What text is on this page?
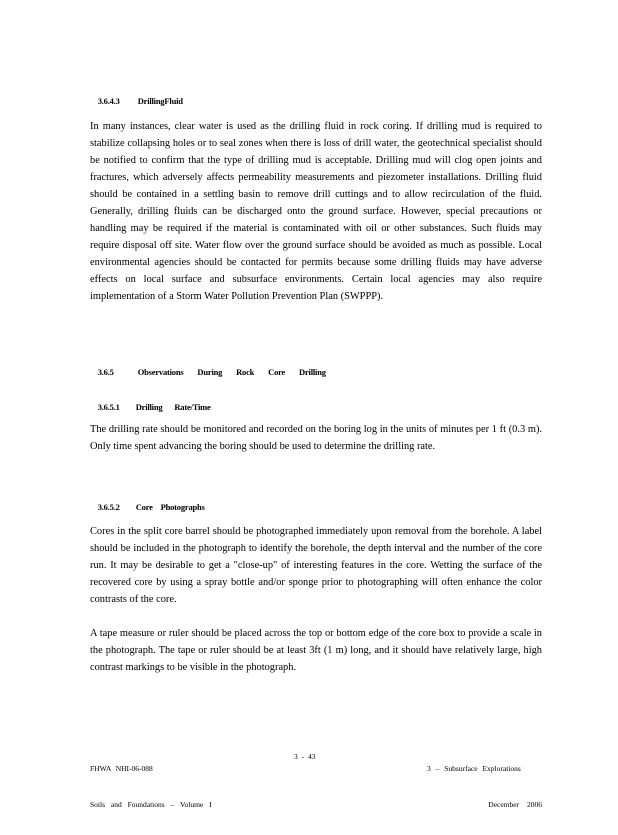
3.6.4.3 DrillingFluid

In many instances, clear water is used as the drilling fluid in rock coring. If drilling mud is required to stabilize collapsing holes or to seal zones when there is loss of drill water, the geotechnical specialist should be notified to confirm that the type of drilling mud is acceptable. Drilling mud will clog open joints and fractures, which adversely affects permeability measurements and piezometer installations. Drilling fluid should be contained in a settling basin to remove drill cuttings and to allow recirculation of the fluid. Generally, drilling fluids can be discharged onto the ground surface. However, special precautions or handling may be required if the material is contaminated with oil or other substances. Such fluids may require disposal off site. Water flow over the ground surface should be avoided as much as possible. Local environmental agencies should be contacted for permits because some drilling fluids may have adverse effects on local surface and subsurface environments. Certain local agencies may also require implementation of a Storm Water Pollution Prevention Plan (SWPPP).

3.6.5	Observations During Rock Core Drilling

3.6.5.1 Drilling Rate/Time

The drilling rate should be monitored and recorded on the boring log in the units of minutes per 1 ft (0.3 m). Only time spent advancing the boring should be used to determine the drilling rate.

3.6.5.2 Core Photographs

Cores in the split core barrel should be photographed immediately upon removal from the borehole. A label should be included in the photograph to identify the borehole, the depth interval and the number of the core run. It may be desirable to get a "close-up" of interesting features in the core. Wetting the surface of the recovered core by using a spray bottle and/or sponge prior to photographing will often enhance the color contrasts of the core.

A tape measure or ruler should be placed across the top or bottom edge of the core box to provide a scale in the photograph. The tape or ruler should be at least 3ft (1 m) long, and it should have relatively large, high contrast markings to be visible in the photograph.

FHWA NHI-06-088

Soils and Foundations – Volume I

3 - 43

3 – Subsurface Explorations

December 2006
